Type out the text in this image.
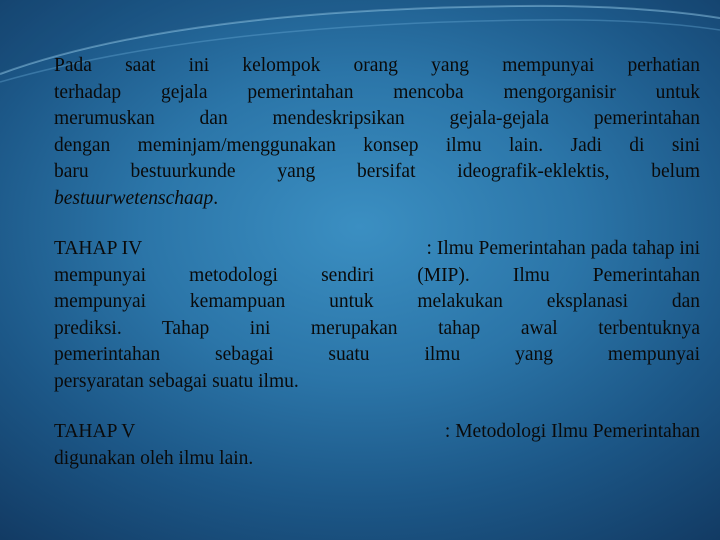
Pada saat ini kelompok orang yang mempunyai perhatian
terhadap gejala pemerintahan mencoba mengorganisir untuk
merumuskan dan mendeskripsikan gejala-gejala pemerintahan
dengan meminjam/menggunakan konsep ilmu lain. Jadi di sini
baru bestuurkunde yang bersifat ideografik-eklektis, belum
bestuurwetenschaap.
TAHAP IV	: Ilmu Pemerintahan pada tahap ini
mempunyai metodologi sendiri (MIP). Ilmu Pemerintahan
mempunyai kemampuan untuk melakukan eksplanasi dan
prediksi. Tahap ini merupakan tahap awal terbentuknya
pemerintahan sebagai suatu ilmu yang mempunyai
persyaratan sebagai suatu ilmu.
TAHAP V	: Metodologi Ilmu Pemerintahan
digunakan oleh ilmu lain.
